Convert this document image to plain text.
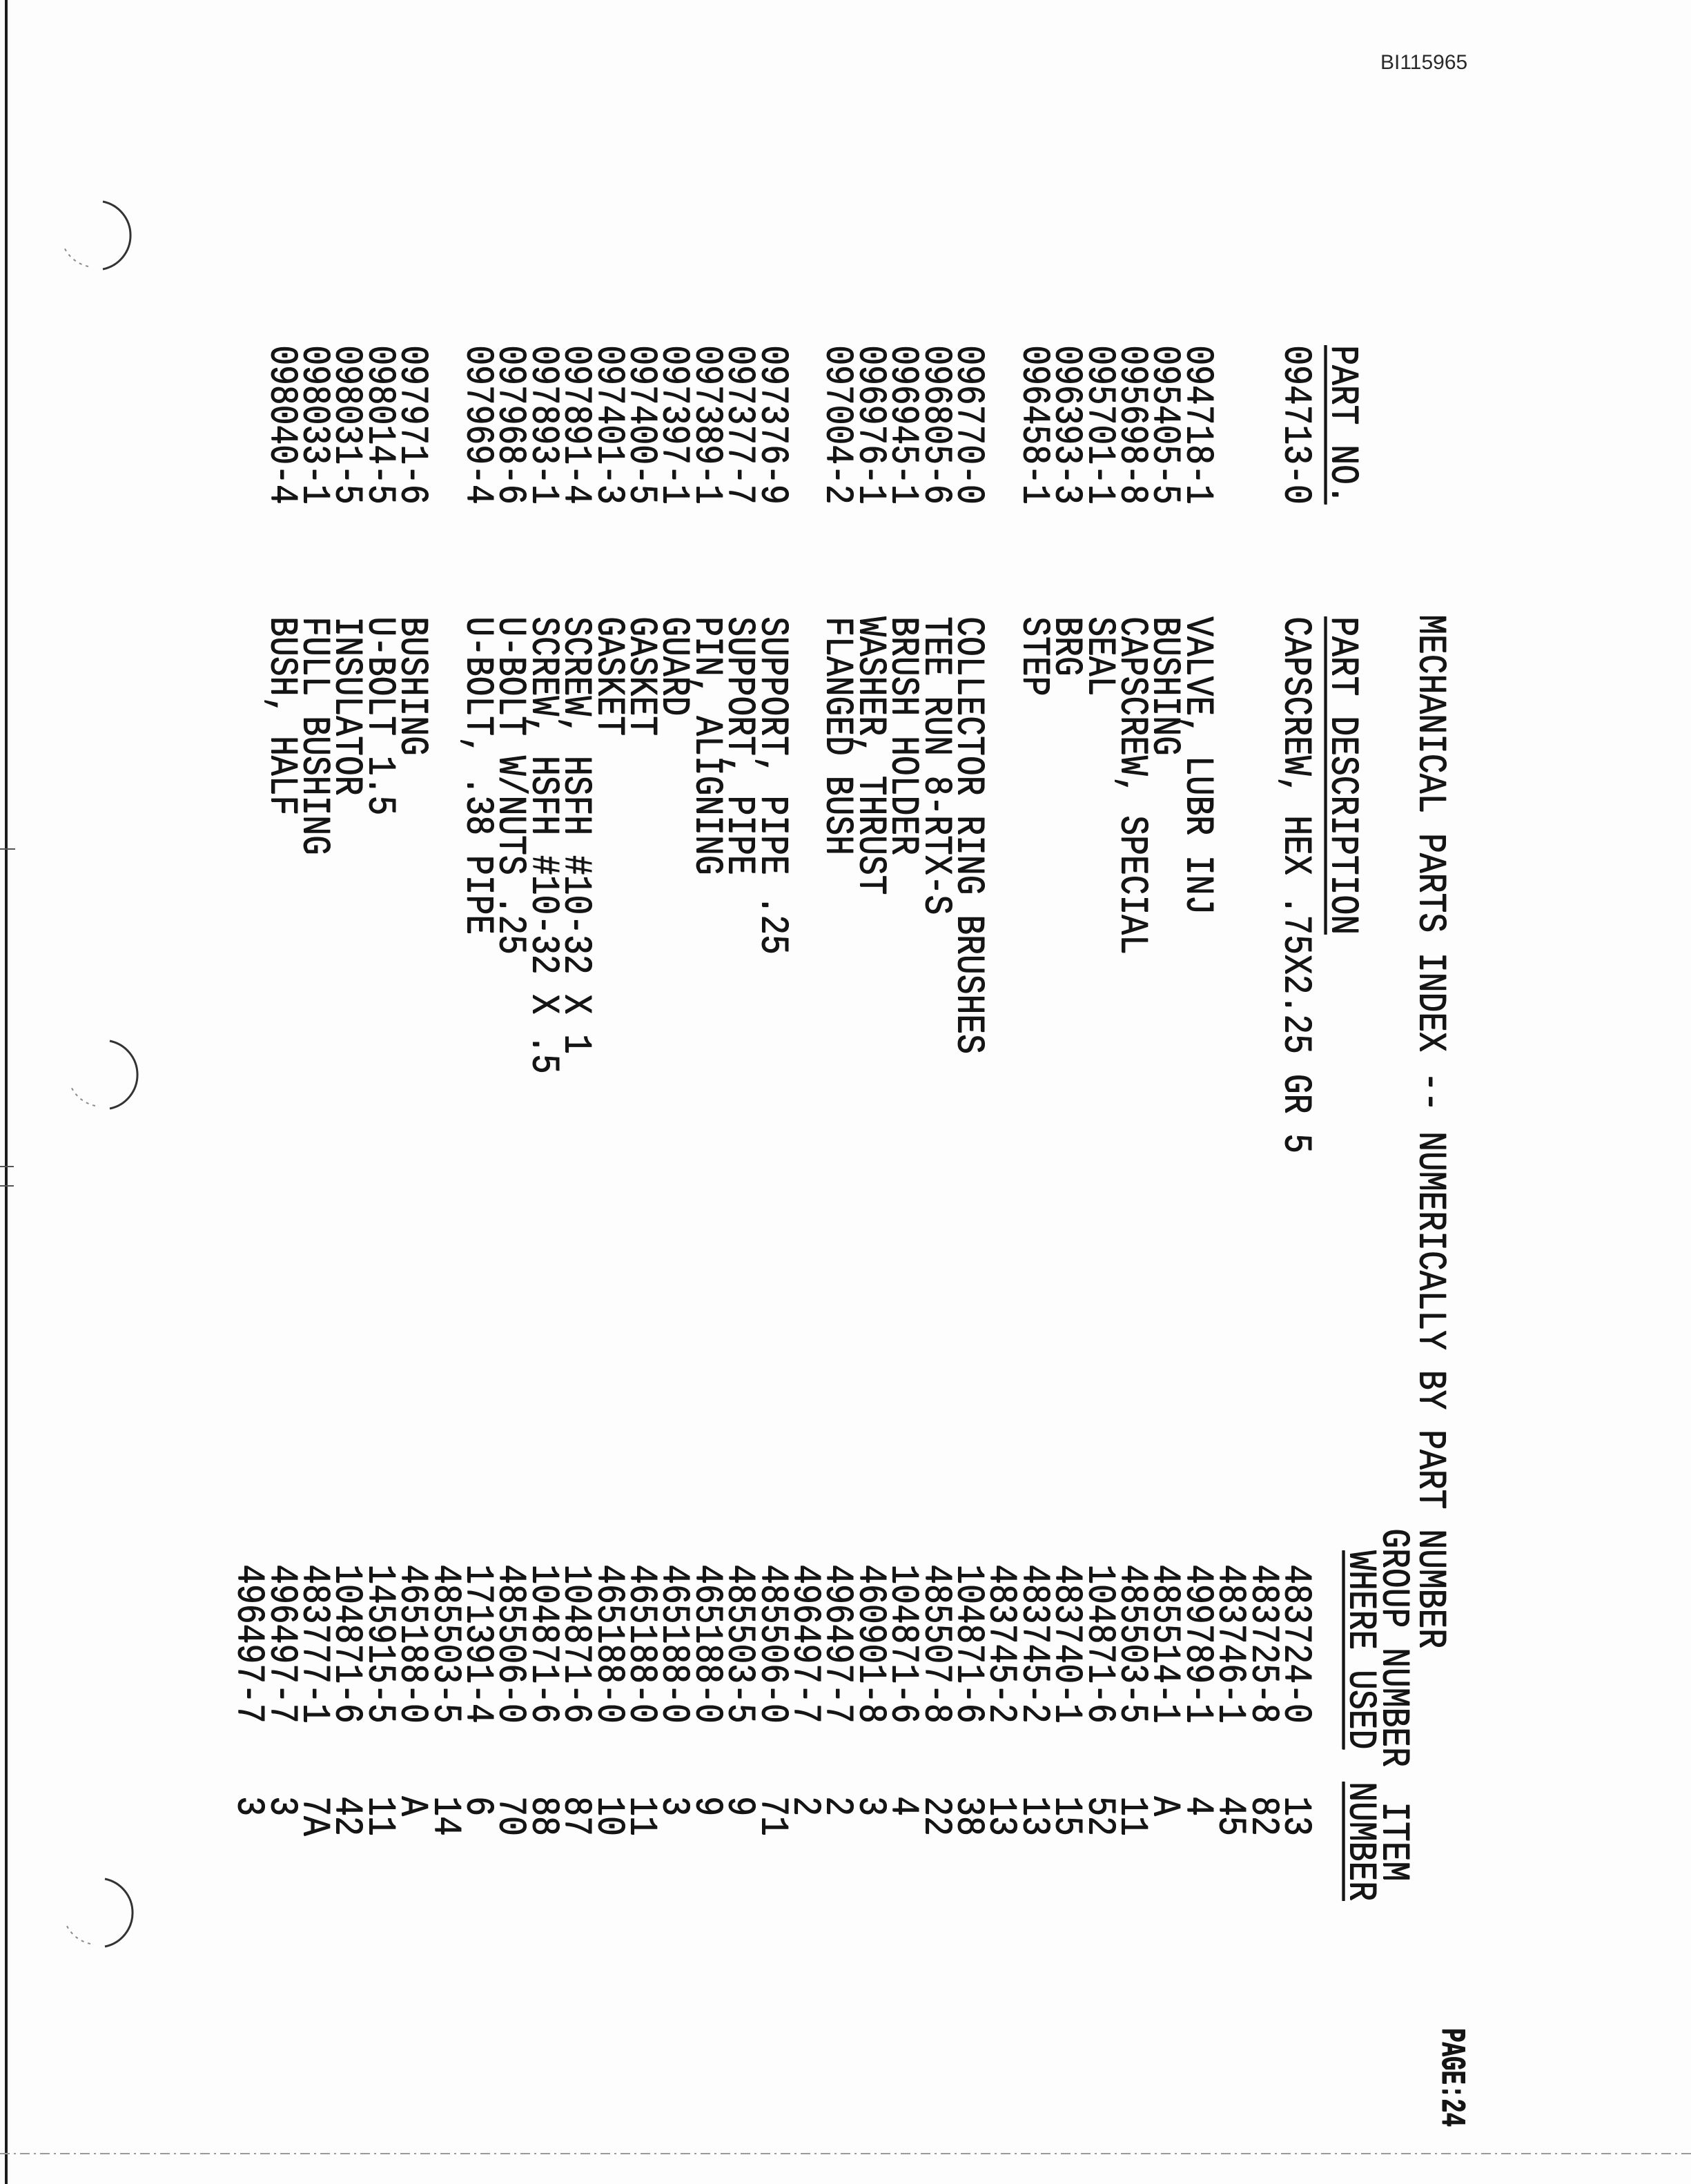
BI115965
MECHANICAL PARTS INDEX -- NUMERICALLY BY PART NUMBER
PAGE:24
GROUP NUMBER
WHERE USED
ITEM
NUMBER
PART NO.
PART DESCRIPTION
094713-0
CAPSCREW, HEX .75X2.25 GR 5
483724-0
13
483725-8
82
483746-1
45
094718-1
VALVE, LUBR INJ
499789-1
4
095405-5
BUSHING
485514-1
A
095698-8
CAPSCREW, SPECIAL
485503-5
11
095701-1
SEAL
104871-6
52
096393-3
BRG
483740-1
15
096458-1
STEP
483745-2
13
483745-2
13
096770-0
COLLECTOR RING BRUSHES
104871-6
38
096805-6
TEE RUN 8-RTX-S
485507-8
22
096945-1
BRUSH HOLDER
104871-6
4
096976-1
WASHER, THRUST
460901-8
3
097004-2
FLANGED BUSH
496497-7
2
496497-7
2
097376-9
SUPPORT, PIPE .25
485506-0
71
097377-7
SUPPORT, PIPE
485503-5
9
097389-1
PIN, ALIGNING
465188-0
9
097397-1
GUARD
465188-0
3
097400-5
GASKET
465188-0
11
097401-3
GASKET
465188-0
10
097891-4
SCREW, HSFH #10-32 X 1
104871-6
87
097893-1
SCREW, HSFH #10-32 X .5
104871-6
88
097968-6
U-BOLT W/NUTS .25
485506-0
70
097969-4
U-BOLT, .38 PIPE
171391-4
6
485503-5
14
097971-6
BUSHING
465188-0
A
098014-5
U-BOLT 1.5
145915-5
11
098031-5
INSULATOR
104871-6
42
098033-1
FULL BUSHING
483777-1
7A
098040-4
BUSH, HALF
496497-7
3
496497-7
3
